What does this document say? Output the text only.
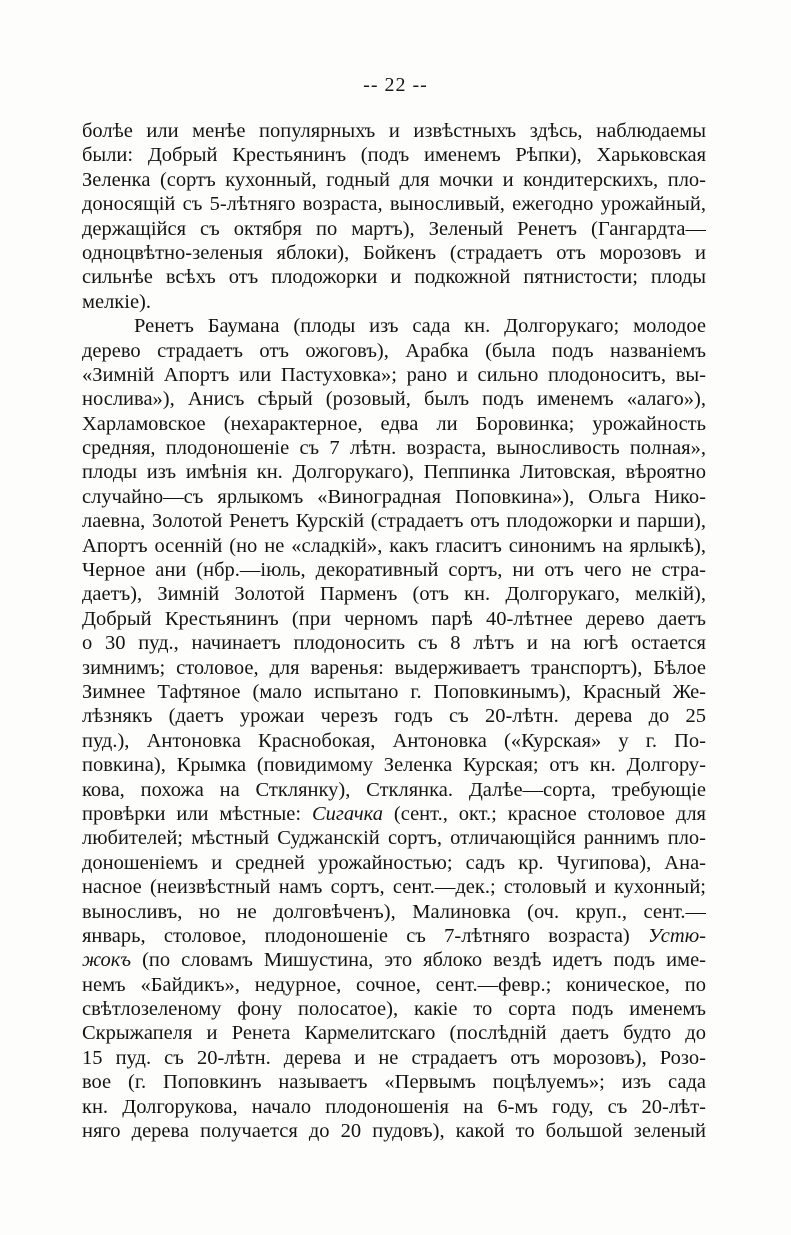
-- 22 --
болѣе или менѣе популярныхъ и извѣстныхъ здѣсь, наблюдаемы
были: Добрый Крестьянинъ (подъ именемъ Рѣпки), Харьковская
Зеленка (сортъ кухонный, годный для мочки и кондитерскихъ, пло-
доносящій съ 5-лѣтняго возраста, выносливый, ежегодно урожайный,
держащійся съ октября по мартъ), Зеленый Ренетъ (Гангардта—
одноцвѣтно-зеленыя яблоки), Бойкенъ (страдаетъ отъ морозовъ и
сильнѣе всѣхъ отъ плодожорки и подкожной пятнистости; плоды
мелкіе).
Ренетъ Баумана (плоды изъ сада кн. Долгорукаго; молодое
дерево страдаетъ отъ ожоговъ), Арабка (была подъ названіемъ
«Зимній Апортъ или Пастуховка»; рано и сильно плодоноситъ, вы-
нослива»), Анисъ сѣрый (розовый, былъ подъ именемъ «алаго»),
Харламовское (нехарактерное, едва ли Боровинка; урожайность
средняя, плодоношеніе съ 7 лѣтн. возраста, выносливость полная»,
плоды изъ имѣнія кн. Долгорукаго), Пеппинка Литовская, вѣроятно
случайно—съ ярлыкомъ «Виноградная Поповкина»), Ольга Нико-
лаевна, Золотой Ренетъ Курскій (страдаетъ отъ плодожорки и парши),
Апортъ осенній (но не «сладкій», какъ гласитъ синонимъ на ярлыкѣ),
Черное ани (нбр.—іюль, декоративный сортъ, ни отъ чего не стра-
даетъ), Зимній Золотой Парменъ (отъ кн. Долгорукаго, мелкій),
Добрый Крестьянинъ (при черномъ парѣ 40-лѣтнее дерево даетъ
о 30 пуд., начинаетъ плодоносить съ 8 лѣтъ и на югѣ остается
зимнимъ; столовое, для варенья: выдерживаетъ транспортъ), Бѣлое
Зимнее Тафтяное (мало испытано г. Поповкинымъ), Красный Же-
лѣзнякъ (даетъ урожаи черезъ годъ съ 20-лѣтн. дерева до 25
пуд.), Антоновка Краснобокая, Антоновка («Курская» у г. По-
повкина), Крымка (повидимому Зеленка Курская; отъ кн. Долгору-
кова, похожа на Стклянку), Стклянка. Далѣе—сорта, требующіе
провѣрки или мѣстные: Сигачка (сент., окт.; красное столовое для
любителей; мѣстный Суджанскій сортъ, отличающійся раннимъ пло-
доношеніемъ и средней урожайностью; садъ кр. Чугипова), Ана-
насное (неизвѣстный намъ сортъ, сент.—дек.; столовый и кухонный;
выносливъ, но не долговѣченъ), Малиновка (оч. круп., сент.—
январь, столовое, плодоношеніе съ 7-лѣтняго возраста) Устю-
жокъ (по словамъ Мишустина, это яблоко вездѣ идетъ подъ име-
немъ «Байдикъ», недурное, сочное, сент.—февр.; коническое, по
свѣтлозеленому фону полосатое), какіе то сорта подъ именемъ
Скрыжапеля и Ренета Кармелитскаго (послѣдній даетъ будто до
15 пуд. съ 20-лѣтн. дерева и не страдаетъ отъ морозовъ), Розо-
вое (г. Поповкинъ называетъ «Первымъ поцѣлуемъ»; изъ сада
кн. Долгорукова, начало плодоношенія на 6-мъ году, съ 20-лѣт-
няго дерева получается до 20 пудовъ), какой то большой зеленый
